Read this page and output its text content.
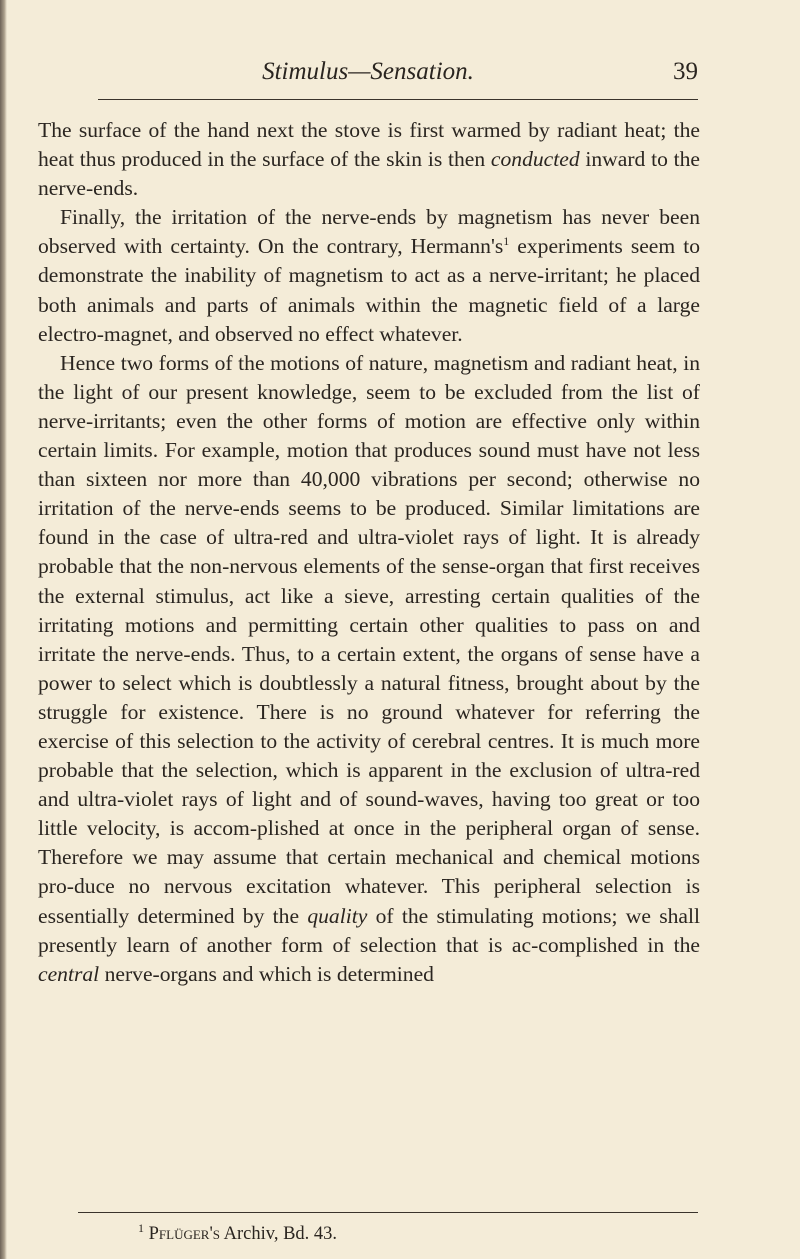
Stimulus—Sensation.	39

The surface of the hand next the stove is first warmed by radiant heat; the heat thus produced in the surface of the skin is then conducted inward to the nerve-ends.

Finally, the irritation of the nerve-ends by magnetism has never been observed with certainty. On the contrary, $Hermann's^1$ experiments seem to demonstrate the inability of magnetism to act as a nerve-irritant; he placed both animals and parts of animals within the magnetic field of a large electro-magnet, and observed no effect whatever.

Hence two forms of the motions of nature, magnetism and radiant heat, in the light of our present knowledge, seem to be excluded from the list of nerve-irritants; even the other forms of motion are effective only within certain limits. For example, motion that produces sound must have not less than sixteen nor more than 40,000 vibrations per second; otherwise no irritation of the nerve-ends seems to be produced. Similar limitations are found in the case of ultra-red and ultra-violet rays of light. It is already probable that the non-nervous elements of the sense-organ that first receives the external stimulus, act like a sieve, arresting certain qualities of the irritating motions and permitting certain other qualities to pass on and irritate the nerve-ends. Thus, to a certain extent, the organs of sense have a power to select which is doubtlessly a natural fitness, brought about by the struggle for existence. There is no ground whatever for referring the exercise of this selection to the activity of cerebral centres. It is much more probable that the selection, which is apparent in the exclusion of ultra-red and ultra-violet rays of light and of sound-waves, having too great or too little velocity, is accom-plished at once in the peripheral organ of sense. Therefore we may assume that certain mechanical and chemical motions pro-duce no nervous excitation whatever. This peripheral selection is essentially determined by the quality of the stimulating motions; we shall presently learn of another form of selection that is ac-complished in the central nerve-organs and which is determined

$^1$ Pflüger's Archiv, Bd. 43.
